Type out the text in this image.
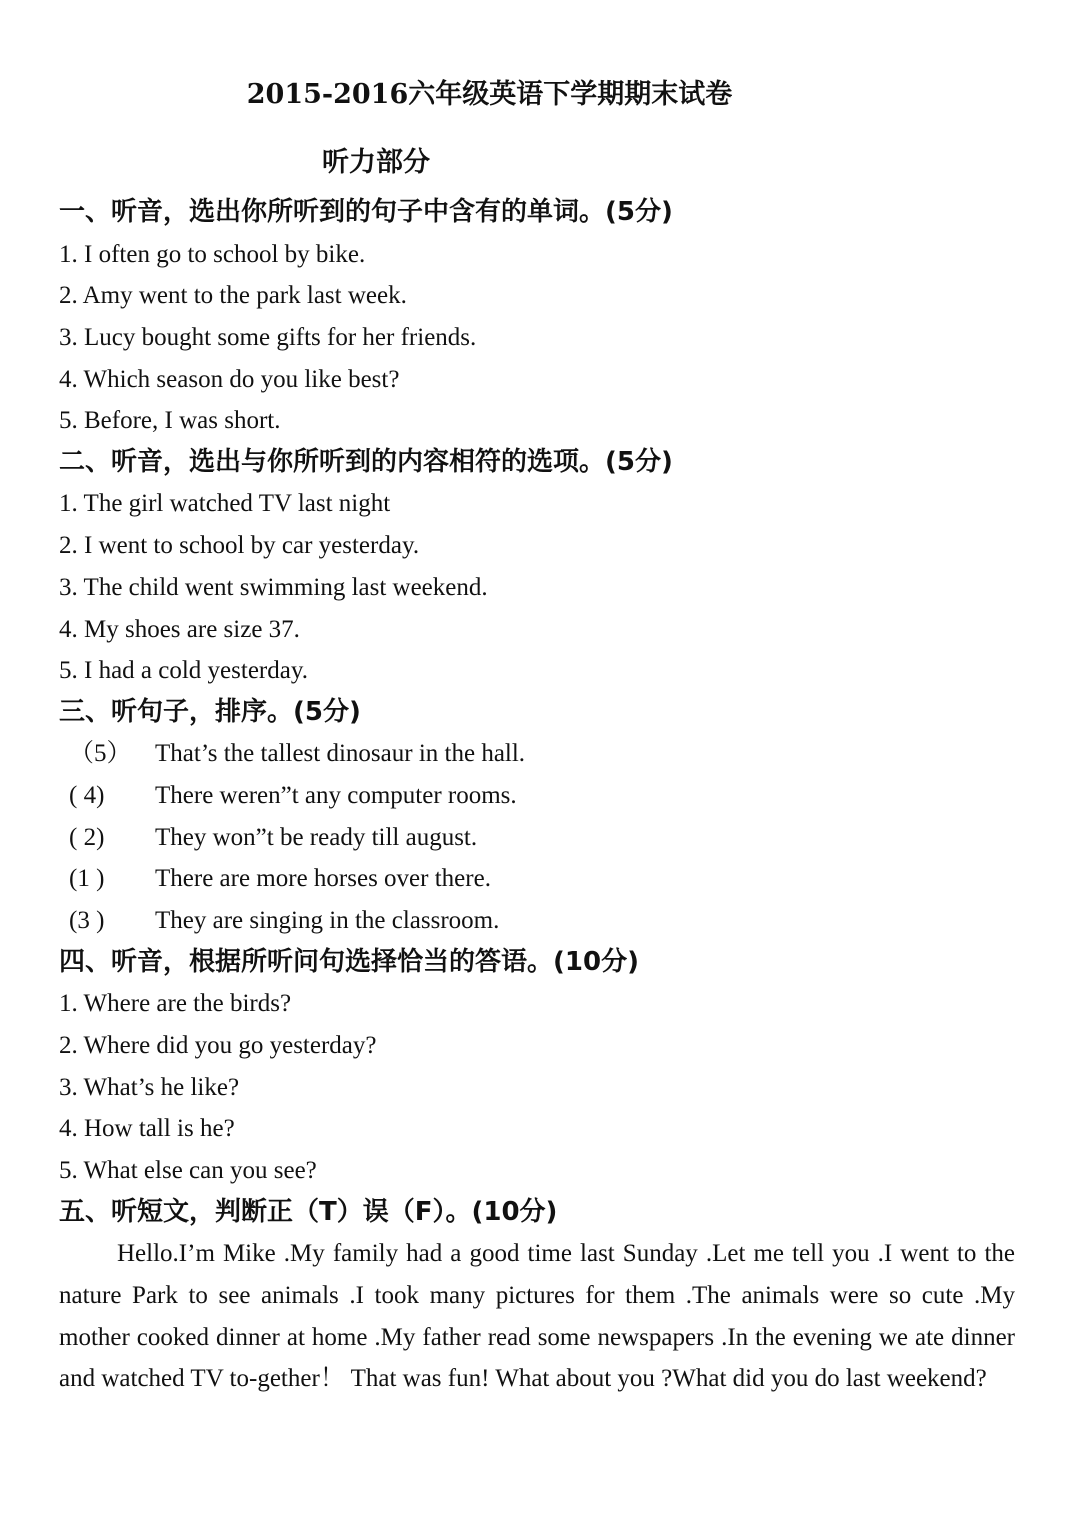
2015-2016六年级英语下学期期末试卷
听力部分
一、听音，选出你所听到的句子中含有的单词。(5分)
1. I often go to school by bike.
2. Amy went to the park last week.
3. Lucy bought some gifts for her friends.
4. Which season do you like best?
5. Before, I was short.
二、听音，选出与你所听到的内容相符的选项。(5分)
1. The girl watched TV last night
2. I went to school by car yesterday.
3. The child went swimming last weekend.
4. My shoes are size 37.
5. I had a cold yesterday.
三、听句子，排序。(5分)
（5） That’s the tallest dinosaur in the hall.
( 4) There weren”t any computer rooms.
( 2) They won”t be ready till august.
(1 ) There are more horses over there.
(3 ) They are singing in the classroom.
四、听音，根据所听问句选择恰当的答语。(10分)
1. Where are the birds?
2. Where did you go yesterday?
3. What’s he like?
4. How tall is he?
5. What else can you see?
五、听短文，判断正（T）误（F）。(10分)
Hello.I’m Mike .My family had a good time last Sunday .Let me tell you .I went to the nature Park to see animals .I took many pictures for them .The animals were so cute .My mother cooked dinner at home .My father read some newspapers .In the evening we ate dinner and watched TV to-gether！ That was fun! What about you ?What did you do last weekend?
